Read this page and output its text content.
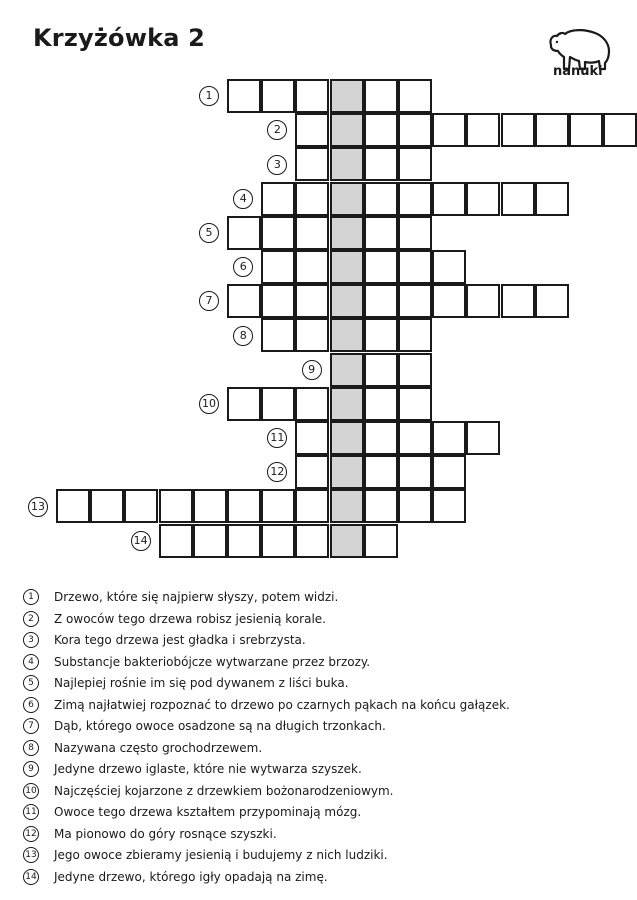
Krzyżówka 2
nanuki
1
2
3
4
5
6
7
8
9
10
11
12
13
14
1	Drzewo, które się najpierw słyszy, potem widzi.
2	Z owoców tego drzewa robisz jesienią korale.
3	Kora tego drzewa jest gładka i srebrzysta.
4	Substancje bakteriobójcze wytwarzane przez brzozy.
5	Najlepiej rośnie im się pod dywanem z liści buka.
6	Zimą najłatwiej rozpoznać to drzewo po czarnych pąkach na końcu gałązek.
7	Dąb, którego owoce osadzone są na długich trzonkach.
8	Nazywana często grochodrzewem.
9	Jedyne drzewo iglaste, które nie wytwarza szyszek.
10 Najczęściej kojarzone z drzewkiem bożonarodzeniowym.
11 Owoce tego drzewa kształtem przypominają mózg.
12 Ma pionowo do góry rosnące szyszki.
13 Jego owoce zbieramy jesienią i budujemy z nich ludziki.
14 Jedyne drzewo, którego igły opadają na zimę.
